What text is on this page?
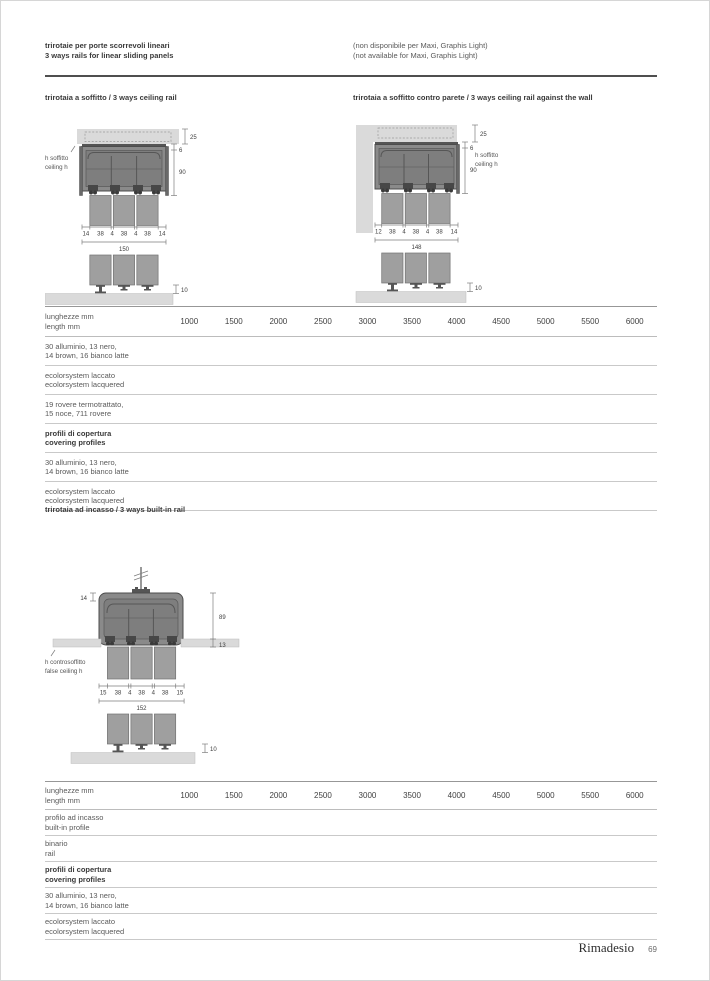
trirotaie per porte scorrevoli lineari
3 ways rails for linear sliding panels
(non disponibile per Maxi, Graphis Light)
(not available for Maxi, Graphis Light)
trirotaia a soffitto / 3 ways ceiling rail	trirotaia a soffitto contro parete / 3 ways ceiling rail against the wall
25
6
90
h soffitto
ceiling h
14 38 4 38 4 38 14
150
10
25
6
90
h soffitto
ceiling h
12 38 4 38 4 38 14
148
10
lunghezze mm
length mm	1000	1500	2000	2500	3000	3500	4000	4500	5000	5500	6000
30 alluminio, 13 nero,
14 brown, 16 bianco latte
ecolorsystem laccato
ecolorsystem lacquered
19 rovere termotrattato,
15 noce, 711 rovere
profili di copertura
covering profiles
30 alluminio, 13 nero,
14 brown, 16 bianco latte
ecolorsystem laccato
ecolorsystem lacquered
trirotaia ad incasso / 3 ways built-in rail
14
89
13
h controsoffitto
false ceiling h
15 38 4 38 4 38 15
152
10
lunghezze mm
length mm	1000	1500	2000	2500	3000	3500	4000	4500	5000	5500	6000
profilo ad incasso
built-in profile
binario
rail
profili di copertura
covering profiles
30 alluminio, 13 nero,
14 brown, 16 bianco latte
ecolorsystem laccato
ecolorsystem lacquered
Rimadesio 69
